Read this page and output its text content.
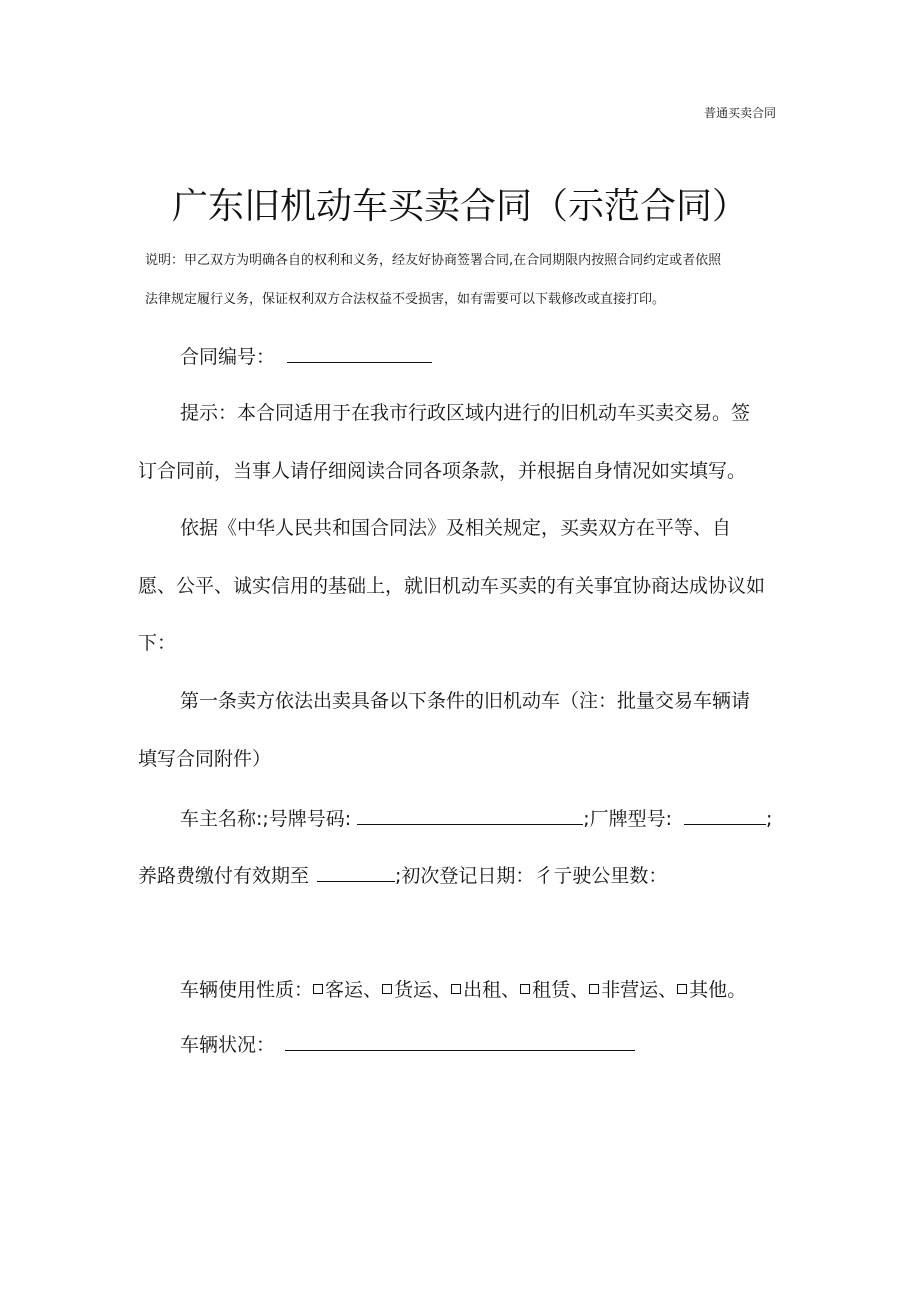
普通买卖合同
广东旧机动车买卖合同（示范合同）
说明：甲乙双方为明确各自的权利和义务，经友好协商签署合同,在合同期限内按照合同约定或者依照
法律规定履行义务，保证权利双方合法权益不受损害，如有需要可以下载修改或直接打印。
合同编号：
提示：本合同适用于在我市行政区域内进行的旧机动车买卖交易。签
订合同前，当事人请仔细阅读合同各项条款，并根据自身情况如实填写。
依据《中华人民共和国合同法》及相关规定，买卖双方在平等、自
愿、公平、诚实信用的基础上，就旧机动车买卖的有关事宜协商达成协议如
下：
第一条卖方依法出卖具备以下条件的旧机动车（注：批量交易车辆请
填写合同附件）
车主名称:;号牌号码:	;厂牌型号:	;
养路费缴付有效期至	;初次登记日期：彳亍驶公里数：
车辆使用性质： 客运、 货运、 出租、 租赁、 非营运、 其他。
车辆状况：
